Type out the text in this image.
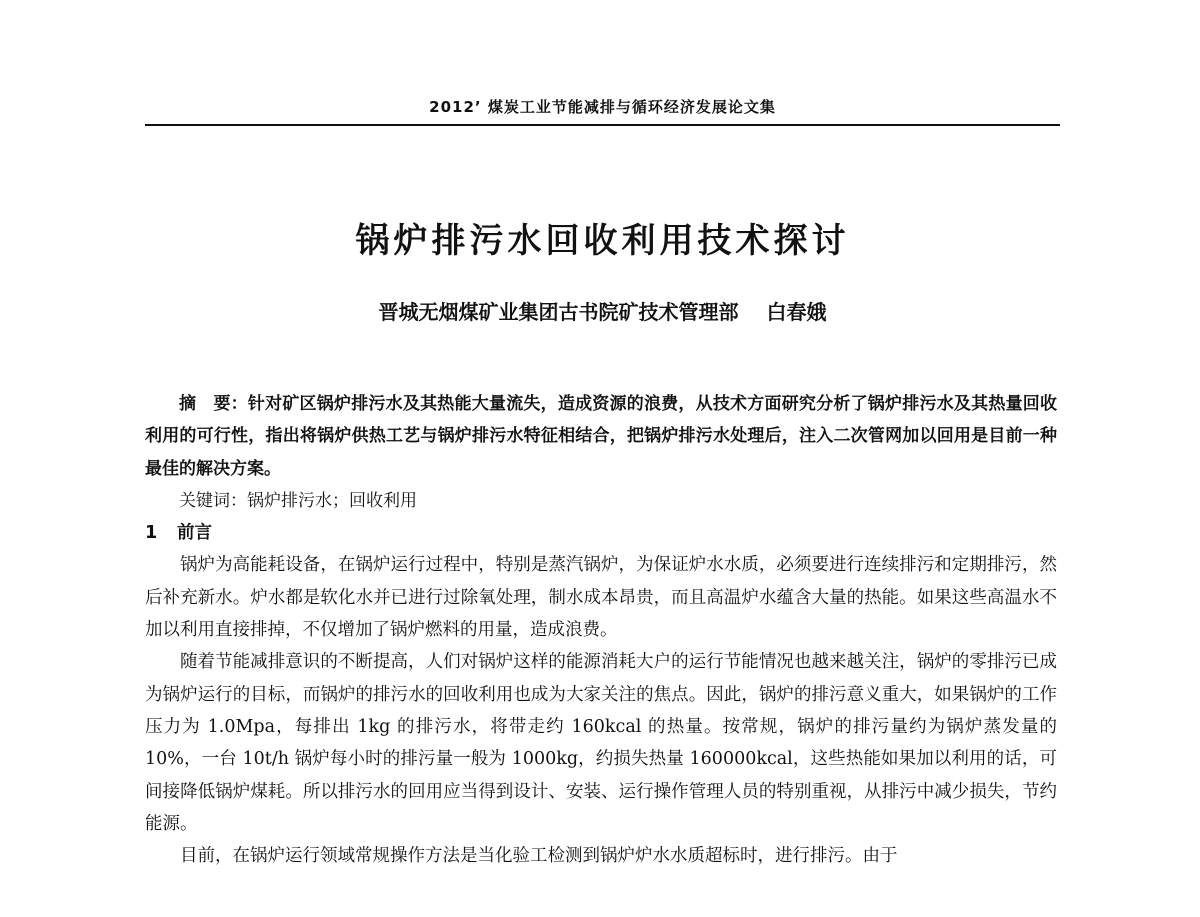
2012’ 煤炭工业节能减排与循环经济发展论文集
锅炉排污水回收利用技术探讨
晋城无烟煤矿业集团古书院矿技术管理部 白春娥

摘　要：针对矿区锅炉排污水及其热能大量流失，造成资源的浪费，从技术方面研究分析了锅炉排污水及其热量回收利用的可行性，指出将锅炉供热工艺与锅炉排污水特征相结合，把锅炉排污水处理后，注入二次管网加以回用是目前一种最佳的解决方案。

关键词：锅炉排污水；回收利用

1 前言

锅炉为高能耗设备，在锅炉运行过程中，特别是蒸汽锅炉，为保证炉水水质，必须要进行连续排污和定期排污，然后补充新水。炉水都是软化水并已进行过除氧处理，制水成本昂贵，而且高温炉水蕴含大量的热能。如果这些高温水不加以利用直接排掉，不仅增加了锅炉燃料的用量，造成浪费。

随着节能减排意识的不断提高，人们对锅炉这样的能源消耗大户的运行节能情况也越来越关注，锅炉的零排污已成为锅炉运行的目标，而锅炉的排污水的回收利用也成为大家关注的焦点。因此，锅炉的排污意义重大，如果锅炉的工作压力为 1.0Mpa，每排出 1kg 的排污水，将带走约 160kcal 的热量。按常规，锅炉的排污量约为锅炉蒸发量的 10%，一台 10t/h 锅炉每小时的排污量一般为 1000kg，约损失热量 160000kcal，这些热能如果加以利用的话，可间接降低锅炉煤耗。所以排污水的回用应当得到设计、安装、运行操作管理人员的特别重视，从排污中减少损失，节约能源。

目前，在锅炉运行领域常规操作方法是当化验工检测到锅炉炉水水质超标时，进行排污。由于
